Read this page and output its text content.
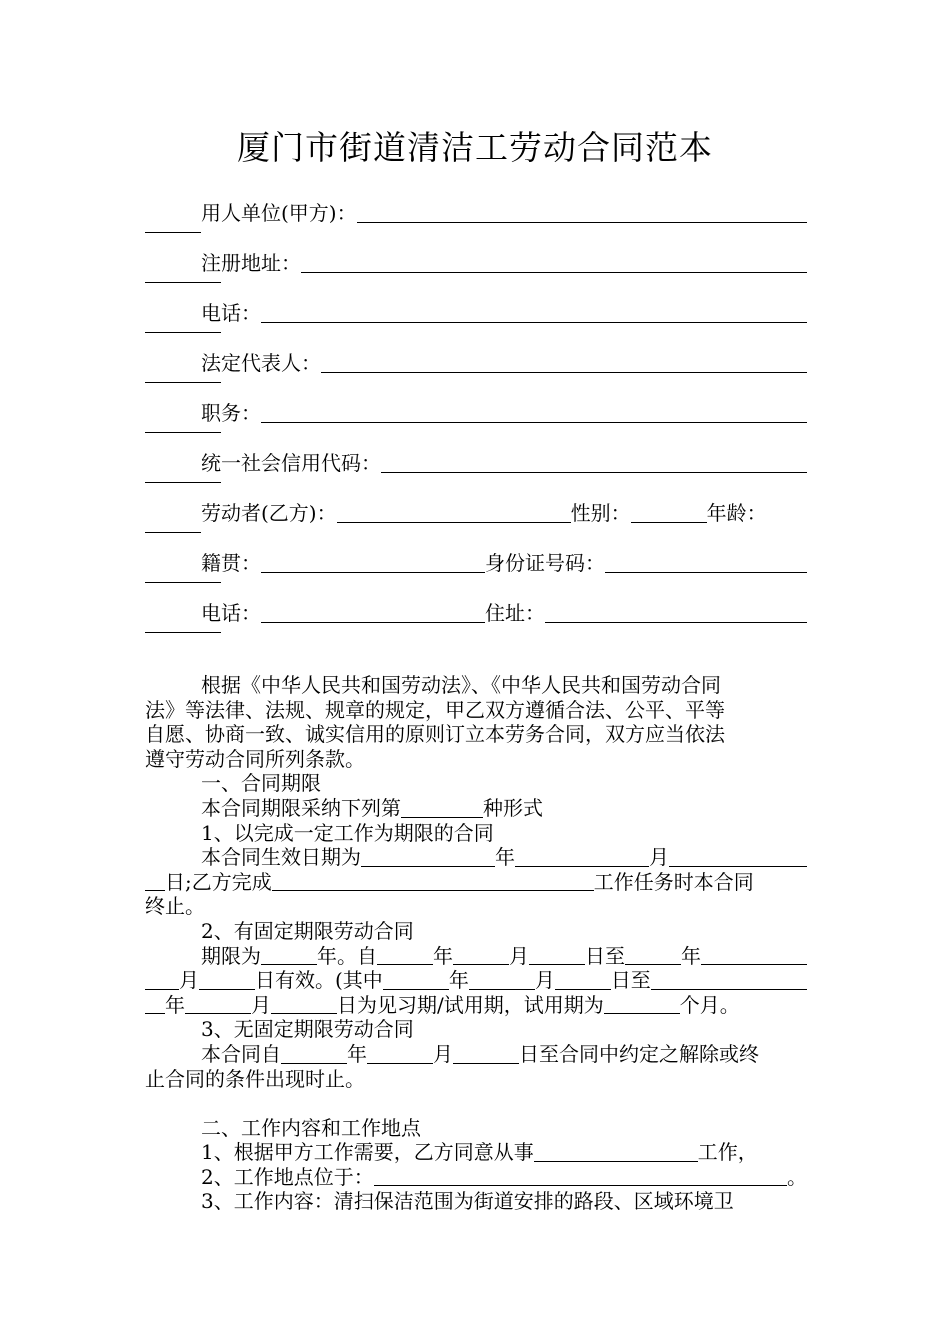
厦门市街道清洁工劳动合同范本
用人单位(甲方)：
注册地址：
电话：
法定代表人：
职务：
统一社会信用代码：
劳动者(乙方)：	性别：	年龄：
籍贯：	身份证号码：
电话：	住址：
根据《中华人民共和国劳动法》、《中华人民共和国劳动合同
法》等法律、法规、规章的规定，甲乙双方遵循合法、公平、平等
自愿、协商一致、诚实信用的原则订立本劳务合同，双方应当依法
遵守劳动合同所列条款。
一、合同期限
本合同期限采纳下列第	种形式
1、以完成一定工作为期限的合同
本合同生效日期为	年	月
日;乙方完成	工作任务时本合同
终止。
2、有固定期限劳动合同
期限为	年。自	年	月	日至	年
月	日有效。(其中	年	月	日至
年	月	日为见习期/试用期，试用期为	个月。
3、无固定期限劳动合同
本合同自	年	月	日至合同中约定之解除或终
止合同的条件出现时止。
二、工作内容和工作地点
1、根据甲方工作需要，乙方同意从事	工作，
2、工作地点位于：	。
3、工作内容：清扫保洁范围为街道安排的路段、区域环境卫
